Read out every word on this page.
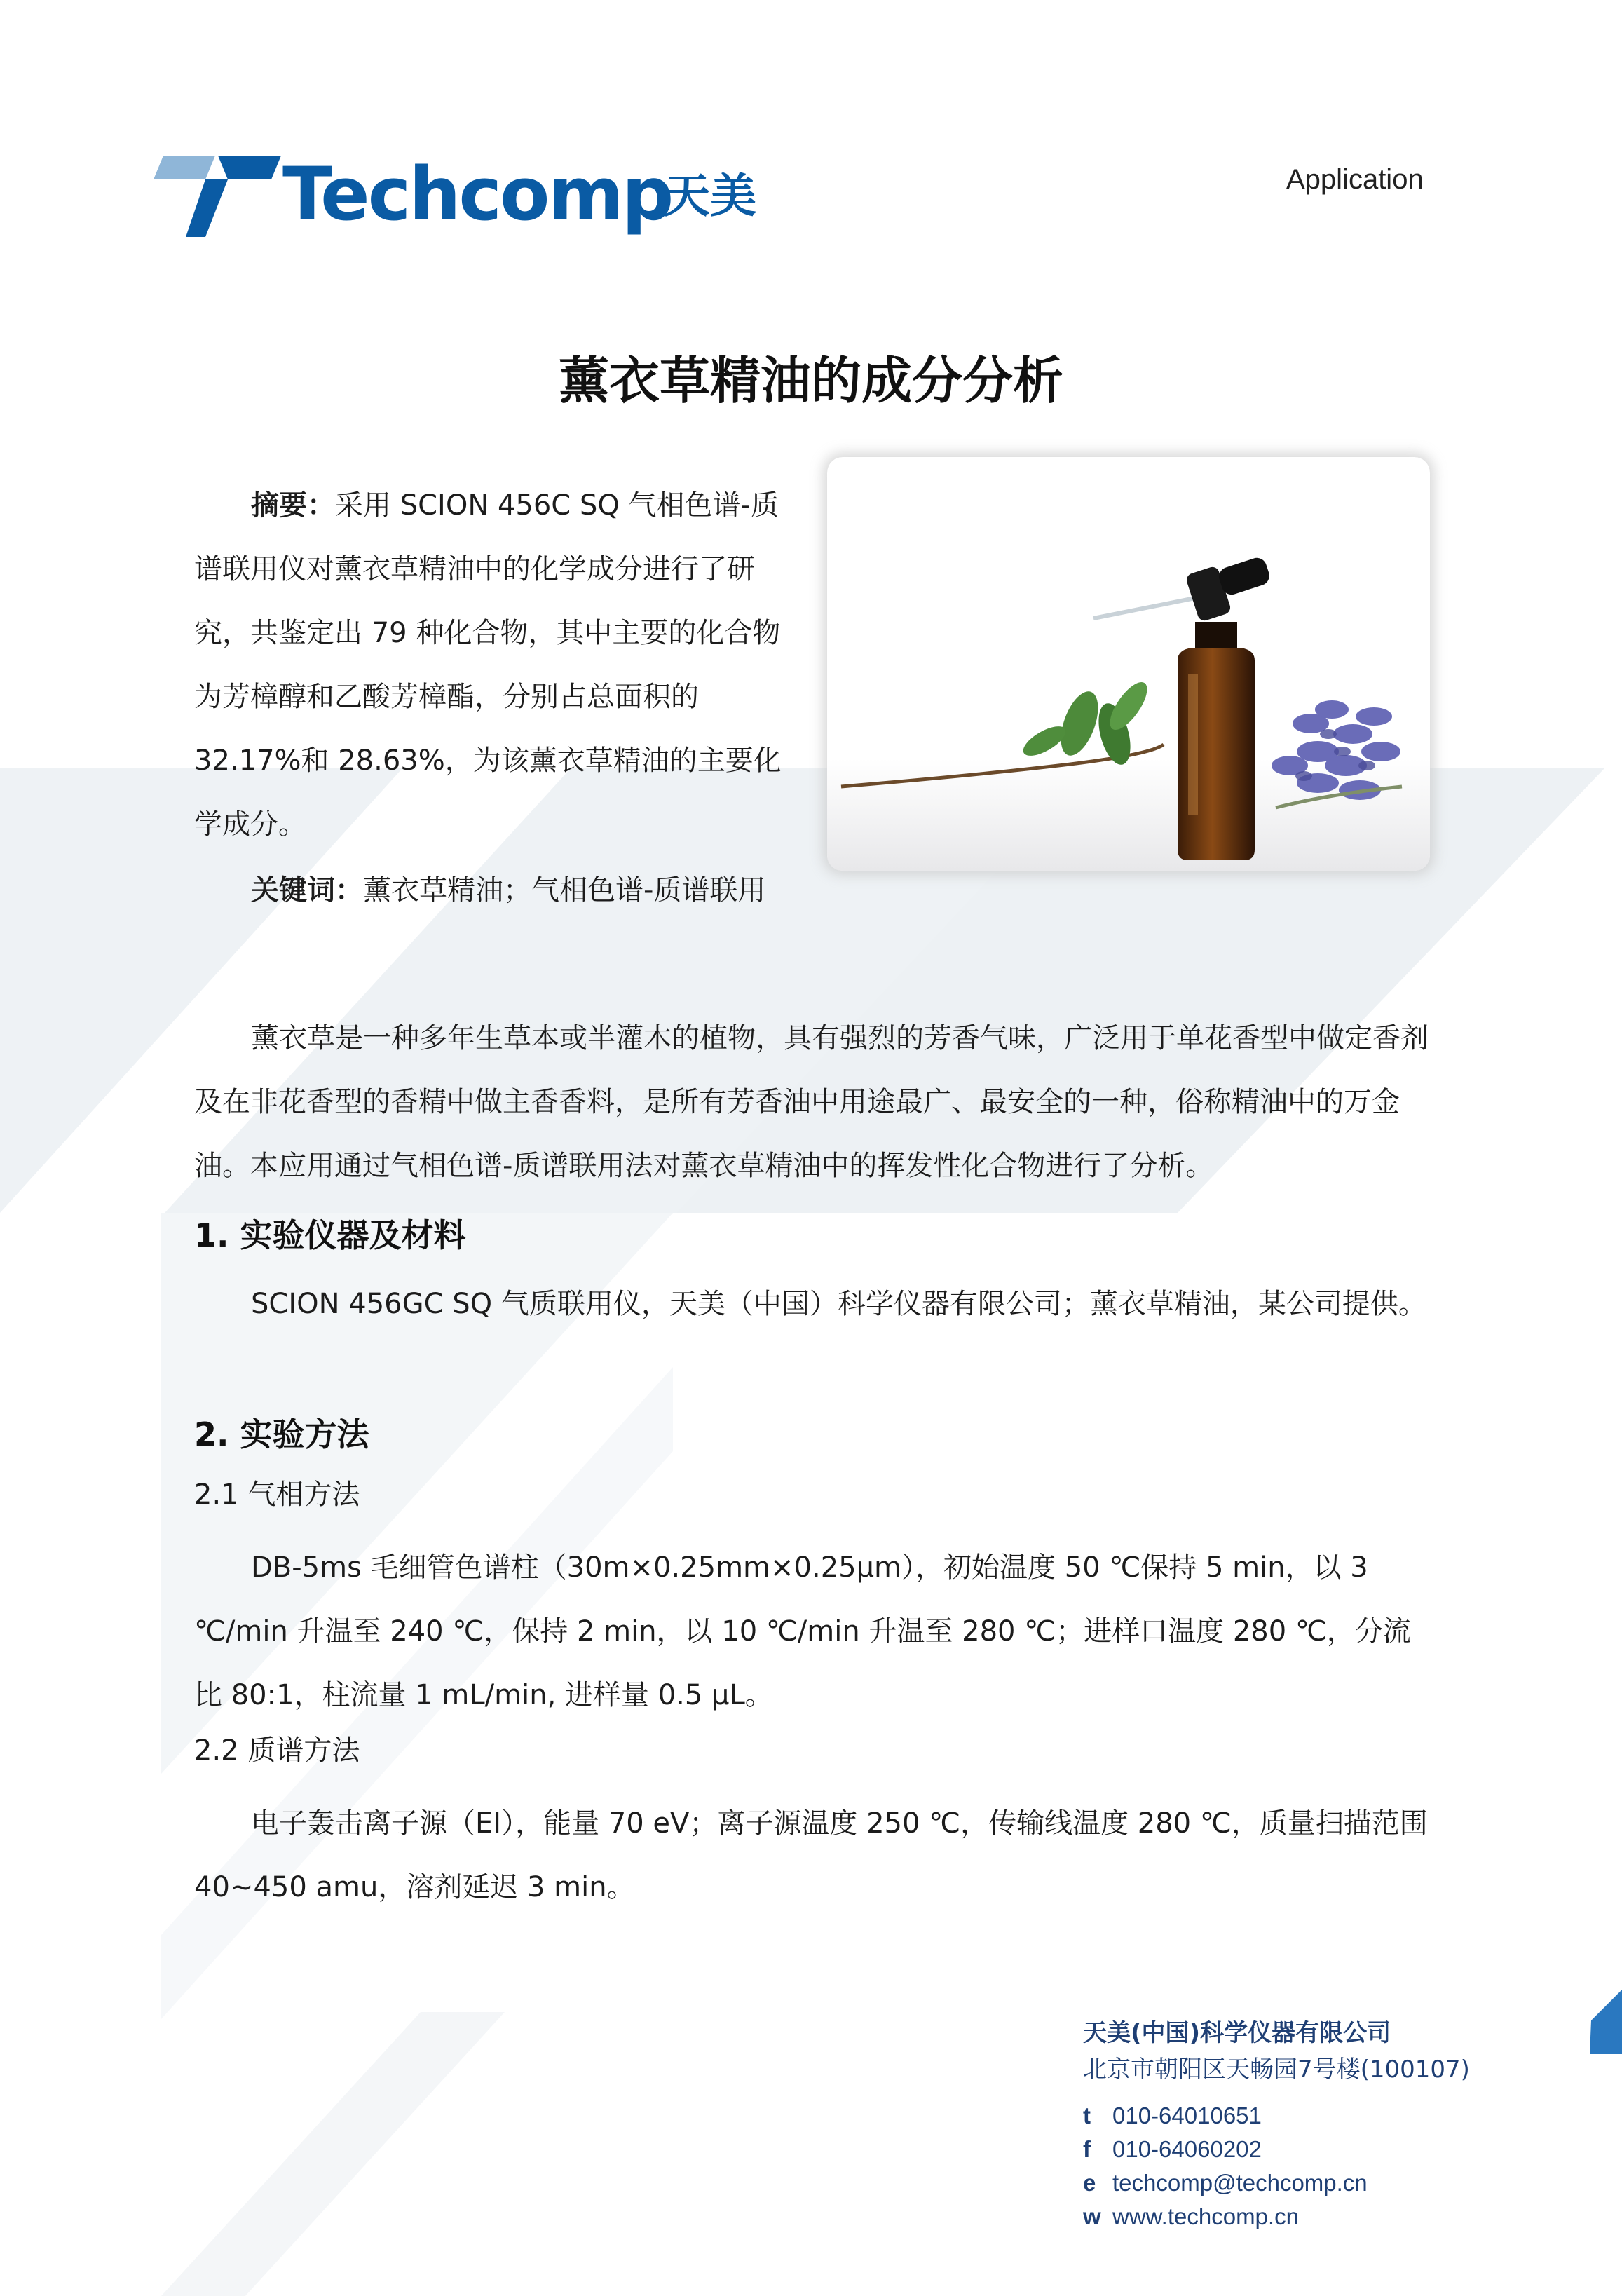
Techcomp
天美	Application
薰衣草精油的成分分析
摘要：采用 SCION 456C SQ 气相色谱-质谱联用仪对薰衣草精油中的化学成分进行了研究，共鉴定出 79 种化合物，其中主要的化合物为芳樟醇和乙酸芳樟酯，分别占总面积的 32.17%和 28.63%，为该薰衣草精油的主要化学成分。
关键词：薰衣草精油；气相色谱-质谱联用
薰衣草是一种多年生草本或半灌木的植物，具有强烈的芳香气味，广泛用于单花香型中做定香剂及在非花香型的香精中做主香香料，是所有芳香油中用途最广、最安全的一种，俗称精油中的万金油。本应用通过气相色谱-质谱联用法对薰衣草精油中的挥发性化合物进行了分析。
1. 实验仪器及材料
SCION 456GC SQ 气质联用仪，天美（中国）科学仪器有限公司；薰衣草精油，某公司提供。
2. 实验方法
2.1 气相方法
DB-5ms 毛细管色谱柱（30m×0.25mm×0.25μm），初始温度 50 ℃保持 5 min，以 3 ℃/min 升温至 240 ℃，保持 2 min，以 10 ℃/min 升温至 280 ℃；进样口温度 280 ℃，分流比 80:1，柱流量 1 mL/min, 进样量 0.5 μL。
2.2 质谱方法
电子轰击离子源（EI），能量 70 eV；离子源温度 250 ℃，传输线温度 280 ℃，质量扫描范围 40~450 amu，溶剂延迟 3 min。
天美(中国)科学仪器有限公司
北京市朝阳区天畅园7号楼(100107)
t 010-64010651
f 010-64060202
e techcomp@techcomp.cn
w www.techcomp.cn
